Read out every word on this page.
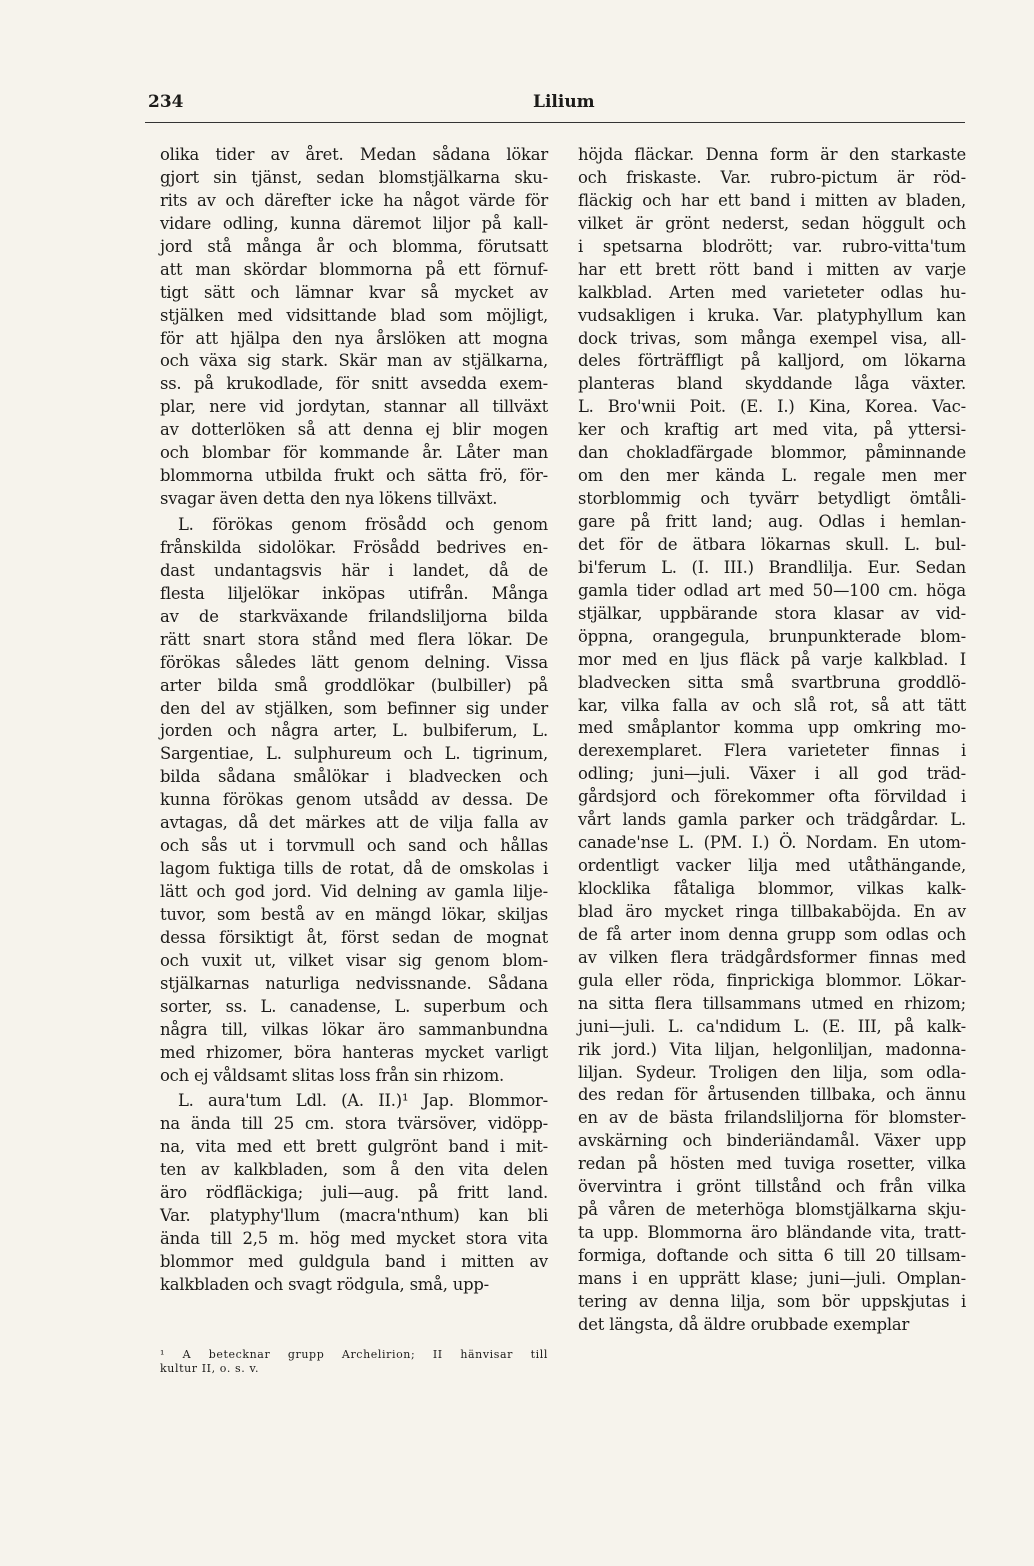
234	Lilium
olika tider av året. Medan sådana lökar
gjort sin tjänst, sedan blomstjälkarna sku-
rits av och därefter icke ha något värde för
vidare odling, kunna däremot liljor på kall-
jord stå många år och blomma, förutsatt
att man skördar blommorna på ett förnuf-
tigt sätt och lämnar kvar så mycket av
stjälken med vidsittande blad som möjligt,
för att hjälpa den nya årslöken att mogna
och växa sig stark. Skär man av stjälkarna,
ss. på krukodlade, för snitt avsedda exem-
plar, nere vid jordytan, stannar all tillväxt
av dotterlöken så att denna ej blir mogen
och blombar för kommande år. Låter man
blommorna utbilda frukt och sätta frö, för-
svagar även detta den nya lökens tillväxt.
L. förökas genom frösådd och genom
frånskilda sidolökar. Frösådd bedrives en-
dast undantagsvis här i landet, då de
flesta liljelökar inköpas utifrån. Många
av de starkväxande frilandsliljorna bilda
rätt snart stora stånd med flera lökar. De
förökas således lätt genom delning. Vissa
arter bilda små groddlökar (bulbiller) på
den del av stjälken, som befinner sig under
jorden och några arter, L. bulbiferum, L.
Sargentiae, L. sulphureum och L. tigrinum,
bilda sådana smålökar i bladvecken och
kunna förökas genom utsådd av dessa. De
avtagas, då det märkes att de vilja falla av
och sås ut i torvmull och sand och hållas
lagom fuktiga tills de rotat, då de omskolas i
lätt och god jord. Vid delning av gamla lilje-
tuvor, som bestå av en mängd lökar, skiljas
dessa försiktigt åt, först sedan de mognat
och vuxit ut, vilket visar sig genom blom-
stjälkarnas naturliga nedvissnande. Sådana
sorter, ss. L. canadense, L. superbum och
några till, vilkas lökar äro sammanbundna
med rhizomer, böra hanteras mycket varligt
och ej våldsamt slitas loss från sin rhizom.
L. aura'tum Ldl. (A. II.)¹ Jap. Blommor-
na ända till 25 cm. stora tvärsöver, vidöpp-
na, vita med ett brett gulgrönt band i mit-
ten av kalkbladen, som å den vita delen
äro rödfläckiga; juli—aug. på fritt land.
Var. platyphy'llum (macra'nthum) kan bli
ända till 2,5 m. hög med mycket stora vita
blommor med guldgula band i mitten av
kalkbladen och svagt rödgula, små, upp-
¹ A betecknar grupp Archelirion; II hänvisar till
kultur II, o. s. v.
höjda fläckar. Denna form är den starkaste
och friskaste. Var. rubro-pictum är röd-
fläckig och har ett band i mitten av bladen,
vilket är grönt nederst, sedan höggult och
i spetsarna blodrött; var. rubro-vitta'tum
har ett brett rött band i mitten av varje
kalkblad. Arten med varieteter odlas hu-
vudsakligen i kruka. Var. platyphyllum kan
dock trivas, som många exempel visa, all-
deles förträffligt på kalljord, om lökarna
planteras bland skyddande låga växter.
L. Bro'wnii Poit. (E. I.) Kina, Korea. Vac-
ker och kraftig art med vita, på yttersi-
dan chokladfärgade blommor, påminnande
om den mer kända L. regale men mer
storblommig och tyvärr betydligt ömtåli-
gare på fritt land; aug. Odlas i hemlan-
det för de ätbara lökarnas skull. L. bul-
bi'ferum L. (I. III.) Brandlilja. Eur. Sedan
gamla tider odlad art med 50—100 cm. höga
stjälkar, uppbärande stora klasar av vid-
öppna, orangegula, brunpunkterade blom-
mor med en ljus fläck på varje kalkblad. I
bladvecken sitta små svartbruna groddlö-
kar, vilka falla av och slå rot, så att tätt
med småplantor komma upp omkring mo-
derexemplaret. Flera varieteter finnas i
odling; juni—juli. Växer i all god träd-
gårdsjord och förekommer ofta förvildad i
vårt lands gamla parker och trädgårdar. L.
canade'nse L. (PM. I.) Ö. Nordam. En utom-
ordentligt vacker lilja med utåthängande,
klocklika fåtaliga blommor, vilkas kalk-
blad äro mycket ringa tillbakaböjda. En av
de få arter inom denna grupp som odlas och
av vilken flera trädgårdsformer finnas med
gula eller röda, finprickiga blommor. Lökar-
na sitta flera tillsammans utmed en rhizom;
juni—juli. L. ca'ndidum L. (E. III, på kalk-
rik jord.) Vita liljan, helgonliljan, madonna-
liljan. Sydeur. Troligen den lilja, som odla-
des redan för årtusenden tillbaka, och ännu
en av de bästa frilandsliljorna för blomster-
avskärning och binderiändamål. Växer upp
redan på hösten med tuviga rosetter, vilka
övervintra i grönt tillstånd och från vilka
på våren de meterhöga blomstjälkarna skju-
ta upp. Blommorna äro bländande vita, tratt-
formiga, doftande och sitta 6 till 20 tillsam-
mans i en upprätt klase; juni—juli. Omplan-
tering av denna lilja, som bör uppskjutas i
det längsta, då äldre orubbade exemplar
